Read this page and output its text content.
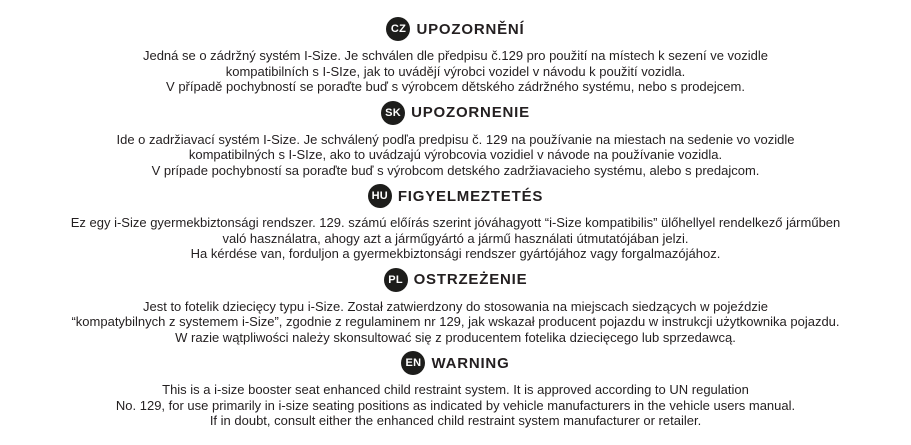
CZ UPOZORNĚNÍ

Jedná se o zádržný systém I-Size. Je schválen dle předpisu č.129 pro použití na místech k sezení ve vozidle

kompatibilních s I-SIze, jak to uvádějí výrobci vozidel v návodu k použití vozidla.

V případě pochybností se poraďte buď s výrobcem dětského zádržného systému, nebo s prodejcem.

SK UPOZORNENIE

Ide o zadržiavací systém I-Size. Je schválený podľa predpisu č. 129 na používanie na miestach na sedenie vo vozidle

kompatibilných s I-SIze, ako to uvádzajú výrobcovia vozidiel v návode na používanie vozidla.

V prípade pochybností sa poraďte buď s výrobcom detského zadržiavacieho systému, alebo s predajcom.

HU FIGYELMEZTETÉS

Ez egy i-Size gyermekbiztonsági rendszer. 129. számú előírás szerint jóváhagyott “i-Size kompatibilis” ülőhellyel rendelkező járműben

való használatra, ahogy azt a járműgyártó a jármű használati útmutatójában jelzi.

Ha kérdése van, forduljon a gyermekbiztonsági rendszer gyártójához vagy forgalmazójához.

PL OSTRZEŻENIE

Jest to fotelik dziecięcy typu i-Size. Został zatwierdzony do stosowania na miejscach siedzących w pojeździe

“kompatybilnych z systemem i-Size”, zgodnie z regulaminem nr 129, jak wskazał producent pojazdu w instrukcji użytkownika pojazdu.

W razie wątpliwości należy skonsultować się z producentem fotelika dziecięcego lub sprzedawcą.

EN WARNING

This is a i-size booster seat enhanced child restraint system. It is approved according to UN regulation

No. 129, for use primarily in i-size seating positions as indicated by vehicle manufacturers in the vehicle users manual.

If in doubt, consult either the enhanced child restraint system manufacturer or retailer.
